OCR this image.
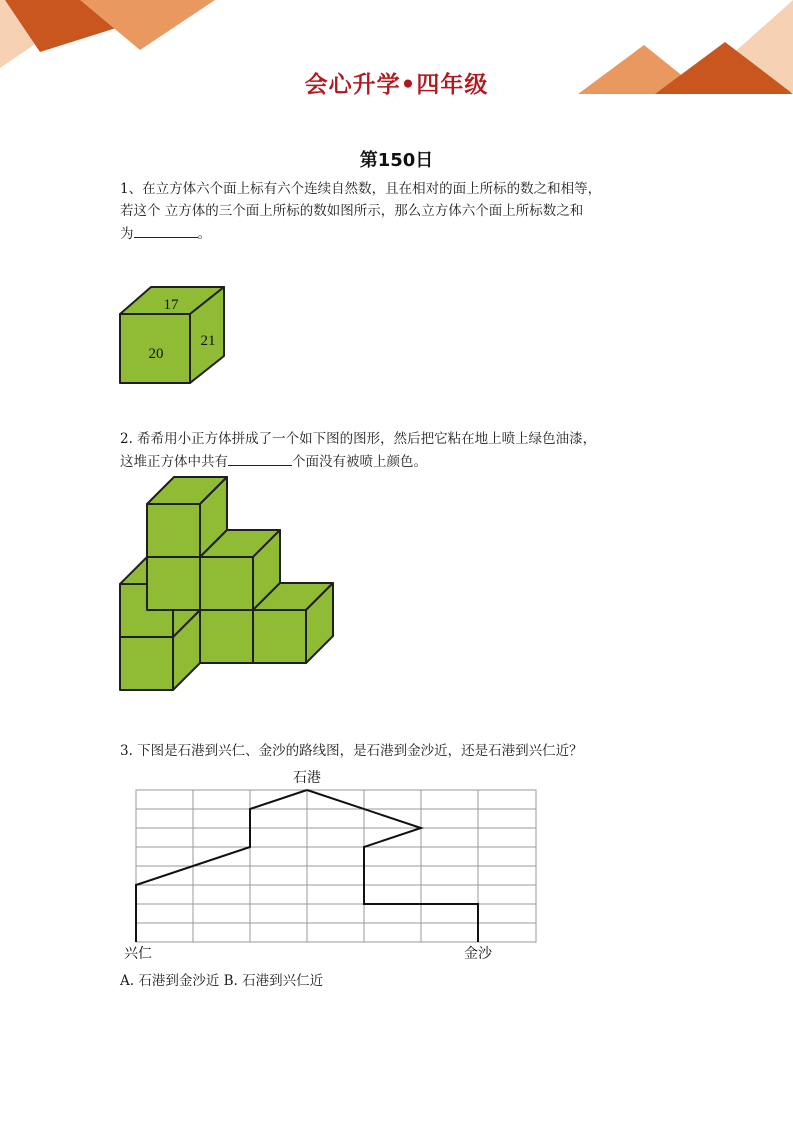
会心升学•四年级
第150日
1、在立方体六个面上标有六个连续自然数，且在相对的面上所标的数之和相等，
若这个 立方体的三个面上所标的数如图所示，那么立方体六个面上所标数之和
为	。
17
20
21
2. 希希用小正方体拼成了一个如下图的图形，然后把它粘在地上喷上绿色油漆，
这堆正方体中共有	个面没有被喷上颜色。
3. 下图是石港到兴仁、金沙的路线图，是石港到金沙近，还是石港到兴仁近？
石港
兴仁	金沙
A. 石港到金沙近 B. 石港到兴仁近
